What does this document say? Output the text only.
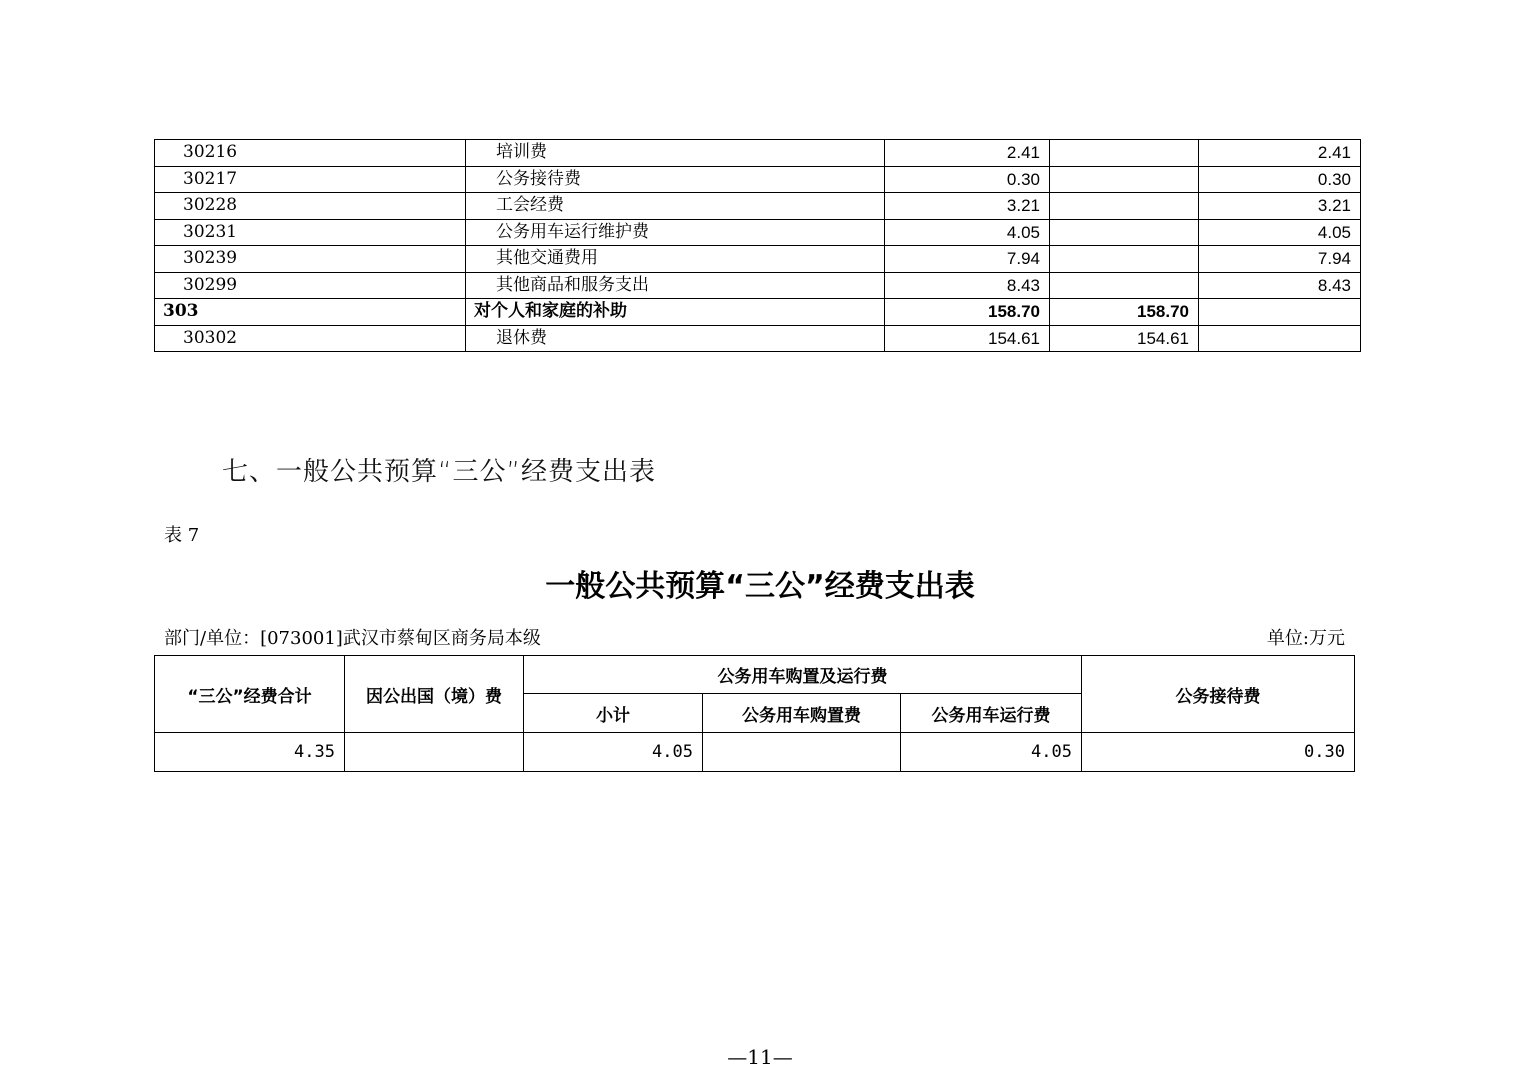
30216	培训费	2.41		2.41
30217	公务接待费	0.30		0.30
30228	工会经费	3.21		3.21
30231	公务用车运行维护费	4.05		4.05
30239	其他交通费用	7.94		7.94
30299	其他商品和服务支出	8.43		8.43
303	对个人和家庭的补助	158.70	158.70	
30302	退休费	154.61	154.61	
七、一般公共预算“三公”经费支出表
表 7
一般公共预算“三公”经费支出表
部门/单位：[073001]武汉市蔡甸区商务局本级	单位:万元
“三公”经费合计	因公出国（境）费	公务用车购置及运行费			公务接待费
		小计	公务用车购置费	公务用车运行费	
4.35		4.05		4.05	0.30
—11—
